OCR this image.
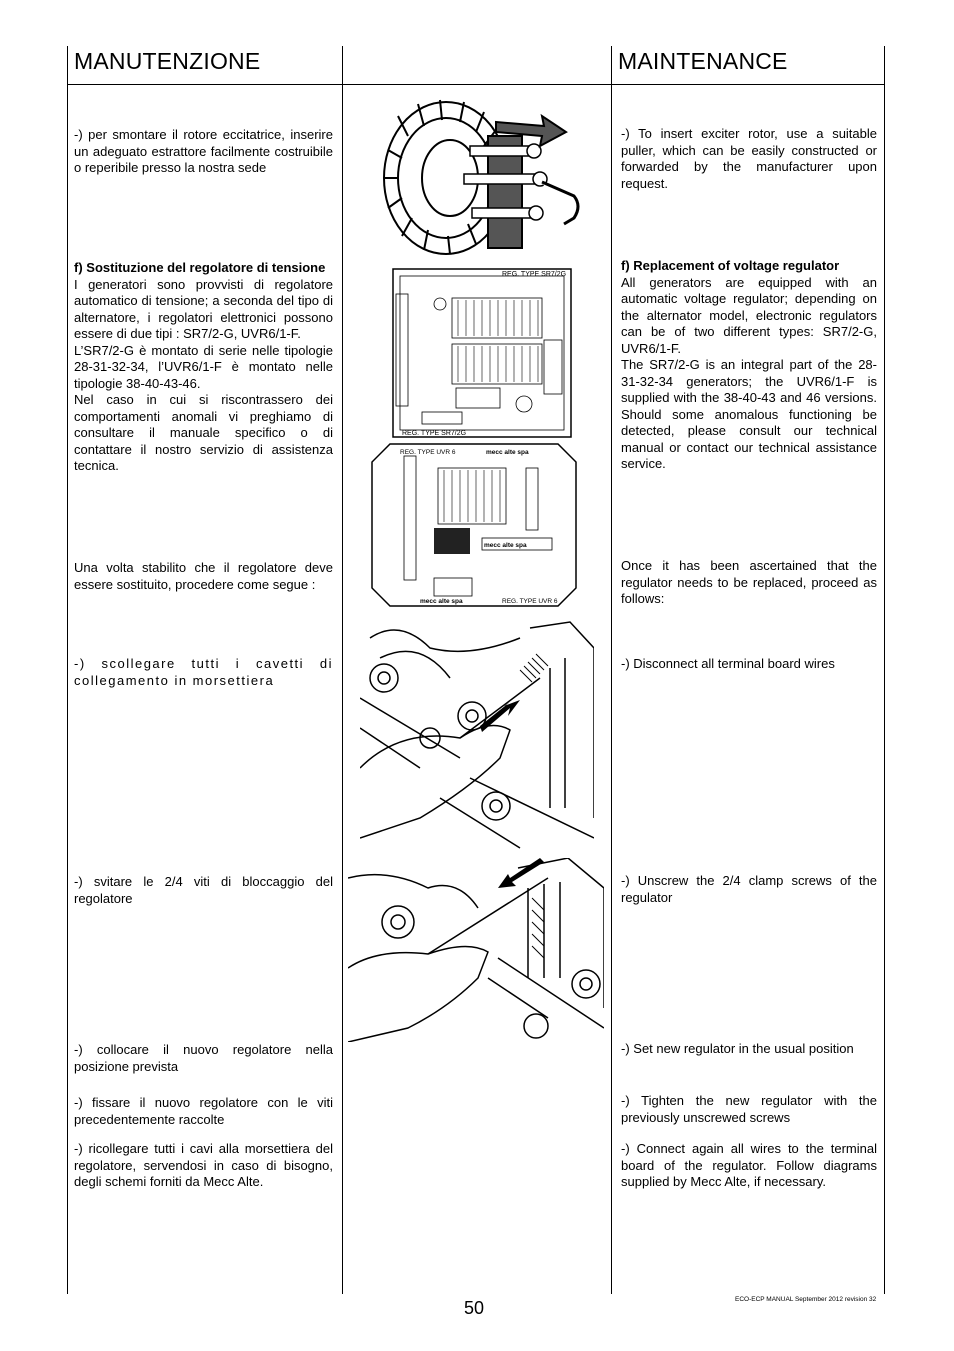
MANUTENZIONE	MAINTENANCE
-) per smontare il rotore eccitatrice, inserire un adeguato estrattore facilmente costruibile o reperibile presso la nostra sede
f) Sostituzione del regolatore di tensione
I generatori sono provvisti di regolatore automatico di tensione; a seconda del tipo di alternatore, i regolatori elettronici possono essere di due tipi : SR7/2-G, UVR6/1-F.
L’SR7/2-G è montato di serie nelle tipologie 28-31-32-34, l’UVR6/1-F è montato nelle tipologie 38-40-43-46.
Nel caso in cui si riscontrassero dei comportamenti anomali vi preghiamo di consultare il manuale specifico o di contattare il nostro servizio di assistenza tecnica.
Una volta stabilito che il regolatore deve essere sostituito, procedere come segue :
-) scollegare tutti i cavetti di collegamento in morsettiera
-) svitare le 2/4 viti di bloccaggio del regolatore
-) collocare il nuovo regolatore nella posizione prevista
-) fissare il nuovo regolatore con le viti precedentemente raccolte
-) ricollegare tutti i cavi alla morsettiera del regolatore, servendosi in caso di bisogno, degli schemi forniti da Mecc Alte.
-) To insert exciter rotor, use a suitable puller, which can be easily constructed or forwarded by the manufacturer upon request.
f) Replacement of voltage regulator
All generators are equipped with an automatic voltage regulator; depending on the alternator model, electronic regulators can be of two different types: SR7/2-G, UVR6/1-F.
The SR7/2-G is an integral part of the 28-31-32-34 generators; the UVR6/1-F is supplied with the 38-40-43 and 46 versions. Should some anomalous functioning be detected, please consult our technical manual or contact our technical assistance service.
Once it has been ascertained that the regulator needs to be replaced, proceed as follows:
-) Disconnect all terminal board wires
-) Unscrew the 2/4 clamp screws of the regulator
-) Set new regulator in the usual position
-) Tighten the new regulator with the previously unscrewed screws
-) Connect again all wires to the terminal board of the regulator. Follow diagrams supplied by Mecc Alte, if necessary.
REG. TYPE SR7/2G
REG. TYPE SR7/2G
REG. TYPE UVR 6	mecc alte spa
mecc alte spa
mecc alte spa	REG. TYPE UVR 6
50	ECO-ECP MANUAL September 2012 revision 32
